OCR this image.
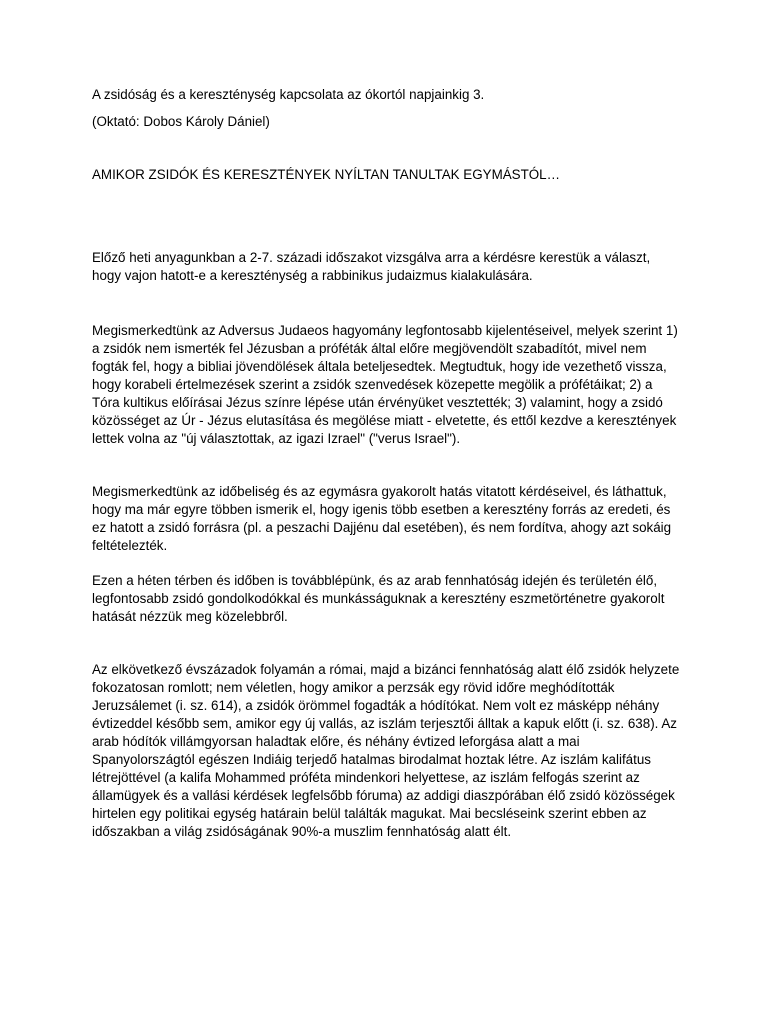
A zsidóság és a kereszténység kapcsolata az ókortól napjainkig 3.

(Oktató: Dobos Károly Dániel)

AMIKOR ZSIDÓK ÉS KERESZTÉNYEK NYÍLTAN TANULTAK EGYMÁSTÓL…

Előző heti anyagunkban a 2-7. századi időszakot vizsgálva arra a kérdésre kerestük a választ, hogy vajon hatott-e a kereszténység a rabbinikus judaizmus kialakulására.

Megismerkedtünk az Adversus Judaeos hagyomány legfontosabb kijelentéseivel, melyek szerint 1) a zsidók nem ismerték fel Jézusban a próféták által előre megjövendölt szabadítót, mivel nem fogták fel, hogy a bibliai jövendölések általa beteljesedtek. Megtudtuk, hogy ide vezethető vissza, hogy korabeli értelmezések szerint a zsidók szenvedések közepette megölik a prófétáikat; 2) a Tóra kultikus előírásai Jézus színre lépése után érvényüket vesztették; 3) valamint, hogy a zsidó közösséget az Úr - Jézus elutasítása és megölése miatt - elvetette, és ettől kezdve a keresztények lettek volna az "új választottak, az igazi Izrael" ("verus Israel").

Megismerkedtünk az időbeliség és az egymásra gyakorolt hatás vitatott kérdéseivel, és láthattuk, hogy ma már egyre többen ismerik el, hogy igenis több esetben a keresztény forrás az eredeti, és ez hatott a zsidó forrásra (pl. a peszachi Dajjénu dal esetében), és nem fordítva, ahogy azt sokáig feltételezték.

Ezen a héten térben és időben is továbblépünk, és az arab fennhatóság idején és területén élő, legfontosabb zsidó gondolkodókkal és munkásságuknak a keresztény eszmetörténetre gyakorolt hatását nézzük meg közelebbről.

Az elkövetkező évszázadok folyamán a római, majd a bizánci fennhatóság alatt élő zsidók helyzete fokozatosan romlott; nem véletlen, hogy amikor a perzsák egy rövid időre meghódították Jeruzsálemet (i. sz. 614), a zsidók örömmel fogadták a hódítókat. Nem volt ez másképp néhány évtizeddel később sem, amikor egy új vallás, az iszlám terjesztői álltak a kapuk előtt (i. sz. 638). Az arab hódítók villámgyorsan haladtak előre, és néhány évtized leforgása alatt a mai Spanyolországtól egészen Indiáig terjedő hatalmas birodalmat hoztak létre. Az iszlám kalifátus létrejöttével (a kalifa Mohammed próféta mindenkori helyettese, az iszlám felfogás szerint az államügyek és a vallási kérdések legfelsőbb fóruma) az addigi diaszpórában élő zsidó közösségek hirtelen egy politikai egység határain belül találták magukat. Mai becsléseink szerint ebben az időszakban a világ zsidóságának 90%-a muszlim fennhatóság alatt élt.
